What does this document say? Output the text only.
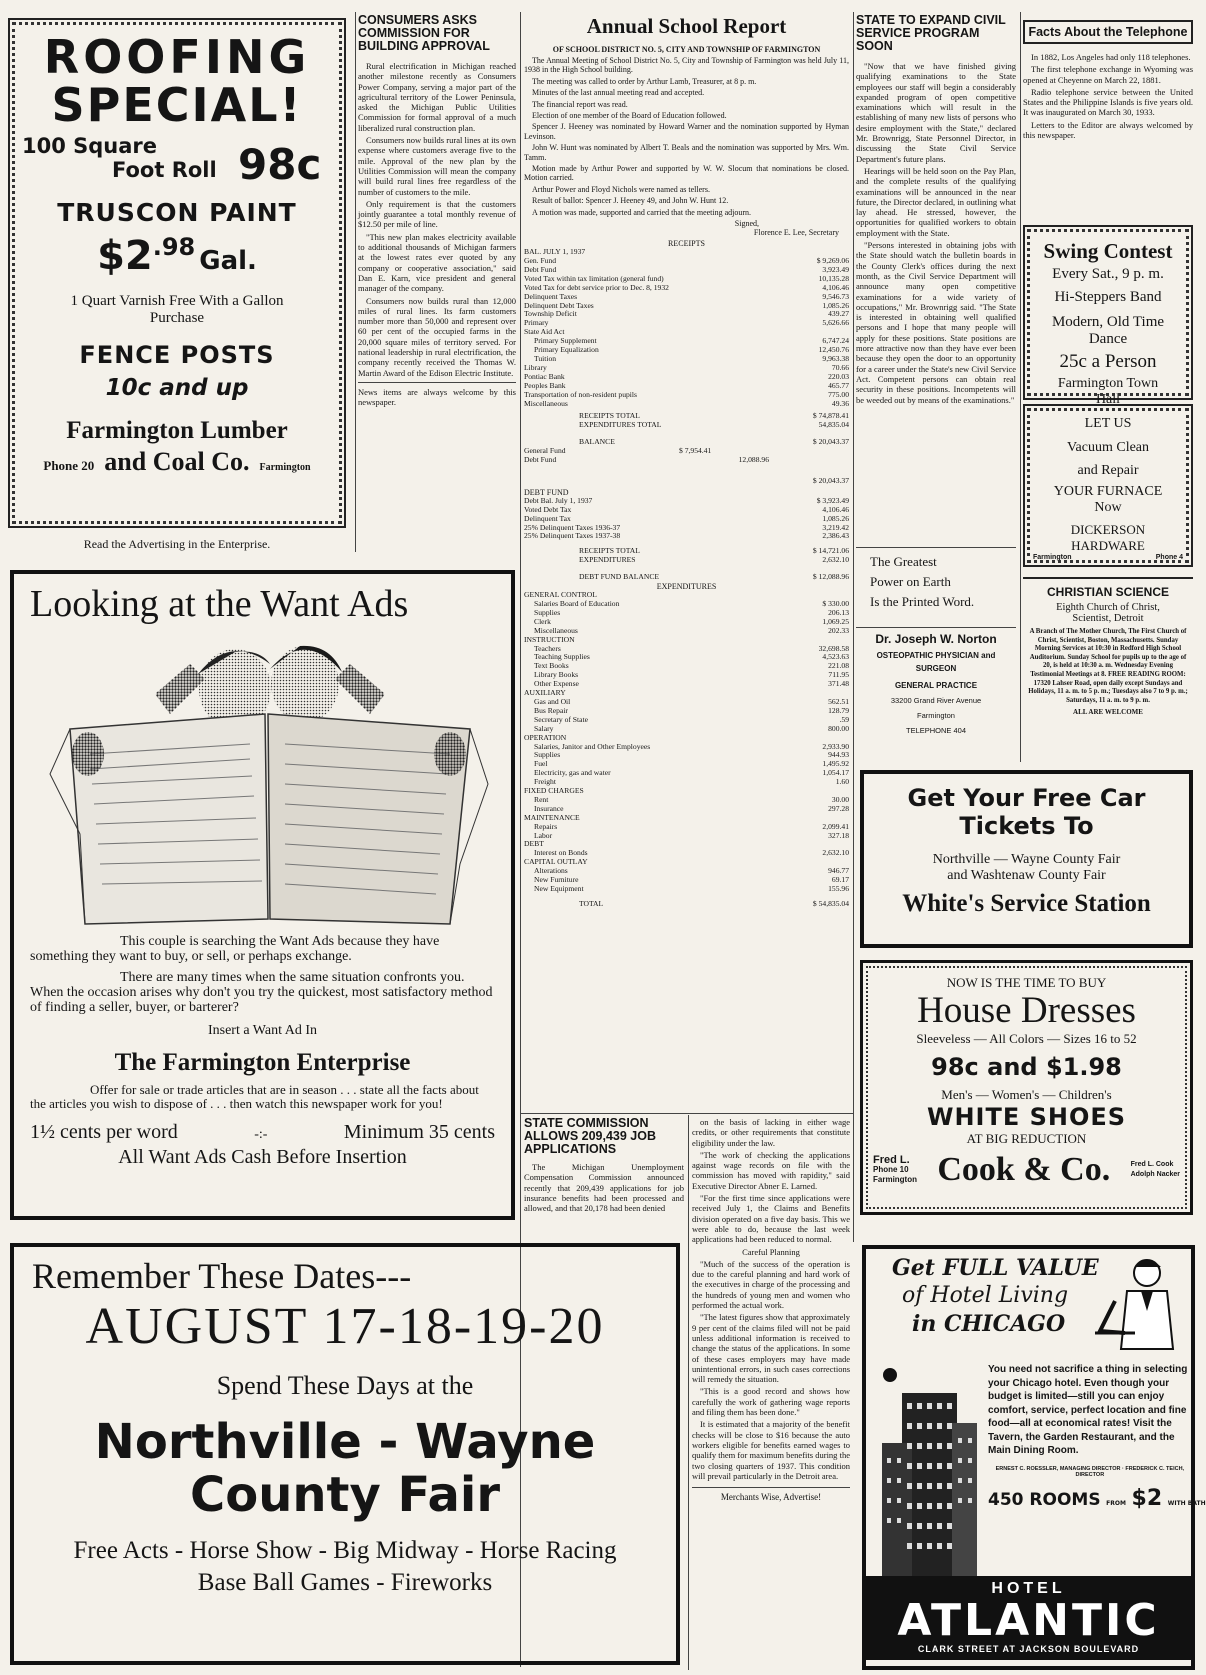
ROOFING
SPECIAL!
100 Square
Foot Roll 98c
TRUSCON PAINT
$2.98 Gal.
1 Quart Varnish Free With a Gallon
Purchase
FENCE POSTS
10c and up
Farmington Lumber
Phone 20 and Coal Co. Farmington
Read the Advertising in the Enterprise.
CONSUMERS ASKS COMMISSION FOR BUILDING APPROVAL

Rural electrification in Michigan reached another milestone recently as Consumers Power Company, serving a major part of the agricultural territory of the Lower Peninsula, asked the Michigan Public Utilities Commission for formal approval of a much liberalized rural construction plan.

Consumers now builds rural lines at its own expense where customers average five to the mile. Approval of the new plan by the Utilities Commission will mean the company will build rural lines free regardless of the number of customers to the mile.

Only requirement is that the customers jointly guarantee a total monthly revenue of $12.50 per mile of line.

"This new plan makes electricity available to additional thousands of Michigan farmers at the lowest rates ever quoted by any company or cooperative association," said Dan E. Karn, vice president and general manager of the company.

Consumers now builds rural than 12,000 miles of rural lines. Its farm customers number more than 50,000 and represent over 60 per cent of the occupied farms in the 20,000 square miles of territory served. For national leadership in rural electrification, the company recently received the Thomas W. Martin Award of the Edison Electric Institute.

News items are always welcome by this newspaper.
Annual School Report
OF SCHOOL DISTRICT NO. 5, CITY AND TOWNSHIP OF FARMINGTON

The Annual Meeting of School District No. 5, City and Township of Farmington was held July 11, 1938 in the High School building.

The meeting was called to order by Arthur Lamb, Treasurer, at 8 p. m.

Minutes of the last annual meeting read and accepted.

The financial report was read.

Election of one member of the Board of Education followed.

Spencer J. Heeney was nominated by Howard Warner and the nomination supported by Hyman Levinson.

John W. Hunt was nominated by Albert T. Beals and the nomination was supported by Mrs. Wm. Tamm.

Motion made by Arthur Power and supported by W. W. Slocum that nominations be closed. Motion carried.

Arthur Power and Floyd Nichols were named as tellers.

Result of ballot: Spencer J. Heeney 49, and John W. Hunt 12.

A motion was made, supported and carried that the meeting adjourn.

Signed,
Florence E. Lee, Secretary
RECEIPTS
BAL. JULY 1, 1937	
Gen. Fund	$ 9,269.06
Debt Fund	3,923.49
Voted Tax within tax limitation (general fund)	10,135.28
Voted Tax for debt service prior to Dec. 8, 1932	4,106.46
Delinquent Taxes	9,546.73
Delinquent Debt Taxes	1,085.26
Township Deficit	439.27
Primary	5,626.66
State Aid Act	
Primary Supplement	6,747.24
Primary Equalization	12,450.76
Tuition	9,963.38
Library	70.66
Pontiac Bank	220.03
Peoples Bank	465.77
Transportation of non-resident pupils	775.00
Miscellaneous	49.36
RECEIPTS TOTAL	$ 74,878.41
EXPENDITURES TOTAL	54,835.04
BALANCE	$ 20,043.37
General Fund	$ 7,954.41
Debt Fund	12,088.96
	$ 20,043.37
DEBT FUND
Debt Bal. July 1, 1937	$ 3,923.49
Voted Debt Tax	4,106.46
Delinquent Tax	1,085.26
25% Delinquent Taxes 1936-37	3,219.42
25% Delinquent Taxes 1937-38	2,386.43
RECEIPTS TOTAL	$ 14,721.06
EXPENDITURES	2,632.10
DEBT FUND BALANCE	$ 12,088.96
EXPENDITURES
GENERAL CONTROL	
Salaries Board of Education	$ 330.00
Supplies	206.13
Clerk	1,069.25
Miscellaneous	202.33
INSTRUCTION	
Teachers	32,698.58
Teaching Supplies	4,523.63
Text Books	221.08
Library Books	711.95
Other Expense	371.48
AUXILIARY	
Gas and Oil	562.51
Bus Repair	128.79
Secretary of State	.59
Salary	800.00
OPERATION	
Salaries, Janitor and Other Employees	2,933.90
Supplies	944.93
Fuel	1,495.92
Electricity, gas and water	1,054.17
Freight	1.60
FIXED CHARGES	
Rent	30.00
Insurance	297.28
MAINTENANCE	
Repairs	2,099.41
Labor	327.18
DEBT	
Interest on Bonds	2,632.10
CAPITAL OUTLAY	
Alterations	946.77
New Furniture	69.17
New Equipment	155.96
TOTAL	$ 54,835.04
STATE TO EXPAND CIVIL SERVICE PROGRAM SOON

"Now that we have finished giving qualifying examinations to the State employees our staff will begin a considerably expanded program of open competitive examinations which will result in the establishing of many new lists of persons who desire employment with the State," declared Mr. Brownrigg, State Personnel Director, in discussing the State Civil Service Department's future plans.

Hearings will be held soon on the Pay Plan, and the complete results of the qualifying examinations will be announced in the near future, the Director declared, in outlining what lay ahead. He stressed, however, the opportunities for qualified workers to obtain employment with the State.

"Persons interested in obtaining jobs with the State should watch the bulletin boards in the County Clerk's offices during the next month, as the Civil Service Department will announce many open competitive examinations for a wide variety of occupations," Mr. Brownrigg said. "The State is interested in obtaining well qualified persons and I hope that many people will apply for these positions. State positions are more attractive now than they have ever been because they open the door to an opportunity for a career under the State's new Civil Service Act. Competent persons can obtain real security in these positions. Incompetents will be weeded out by means of the examinations."

The Greatest
Power on Earth
Is the Printed Word.
Dr. Joseph W. Norton
OSTEOPATHIC PHYSICIAN and
SURGEON
GENERAL PRACTICE
33200 Grand River Avenue
Farmington
TELEPHONE 404
Facts About the Telephone

In 1882, Los Angeles had only 118 telephones.

The first telephone exchange in Wyoming was opened at Cheyenne on March 22, 1881.

Radio telephone service between the United States and the Philippine Islands is five years old. It was inaugurated on March 30, 1933.

Letters to the Editor are always welcomed by this newspaper.

Swing Contest
Every Sat., 9 p. m.
Hi-Steppers Band
Modern, Old Time
Dance
25c a Person
Farmington Town
Hall
LET US
Vacuum Clean
and Repair
YOUR FURNACE
Now
DICKERSON
HARDWARE
Farmington	Phone 4
CHRISTIAN SCIENCE
Eighth Church of Christ,
Scientist, Detroit
A Branch of The Mother Church, The First Church of Christ, Scientist, Boston, Massachusetts. Sunday Morning Services at 10:30 in Redford High School Auditorium. Sunday School for pupils up to the age of 20, is held at 10:30 a. m. Wednesday Evening Testimonial Meetings at 8. FREE READING ROOM: 17320 Lahser Road, open daily except Sundays and Holidays, 11 a. m. to 5 p. m.; Tuesdays also 7 to 9 p. m.; Saturdays, 11 a. m. to 9 p. m.
ALL ARE WELCOME
Looking at the Want Ads
This couple is searching the Want Ads because they have something they want to buy, or sell, or perhaps exchange.
There are many times when the same situation confronts you. When the occasion arises why don't you try the quickest, most satisfactory method of finding a seller, buyer, or barterer?
Insert a Want Ad In
The Farmington Enterprise
Offer for sale or trade articles that are in season . . . state all the facts about the articles you wish to dispose of . . . then watch this newspaper work for you!
1½ cents per word	-:-	Minimum 35 cents
All Want Ads Cash Before Insertion
STATE COMMISSION ALLOWS 209,439 JOB APPLICATIONS

The Michigan Unemployment Compensation Commission announced recently that 209,439 applications for job insurance benefits had been processed and allowed, and that 20,178 had been denied

on the basis of lacking in either wage credits, or other requirements that constitute eligibility under the law.

"The work of checking the applications against wage records on file with the commission has moved with rapidity," said Executive Director Abner E. Larned.

"For the first time since applications were received July 1, the Claims and Benefits division operated on a five day basis. This we were able to do, because the last week applications had been reduced to normal.

Careful Planning

"Much of the success of the operation is due to the careful planning and hard work of the executives in charge of the processing and the hundreds of young men and women who performed the actual work.

"The latest figures show that approximately 9 per cent of the claims filed will not be paid unless additional information is received to change the status of the applications. In some of these cases employers may have made unintentional errors, in such cases corrections will remedy the situation.

"This is a good record and shows how carefully the work of gathering wage reports and filing them has been done."

It is estimated that a majority of the benefit checks will be close to $16 because the auto workers eligible for benefits earned wages to qualify them for maximum benefits during the two closing quarters of 1937. This condition will prevail particularly in the Detroit area.

Merchants Wise, Advertise!
Get Your Free Car
Tickets To
Northville — Wayne County Fair
and Washtenaw County Fair
White's Service Station
NOW IS THE TIME TO BUY
House Dresses
Sleeveless — All Colors — Sizes 16 to 52
98c and $1.98
Men's — Women's — Children's
WHITE SHOES
AT BIG REDUCTION
Fred L.
Phone 10
Farmington Cook & Co.	Fred L. Cook
Adolph Nacker
Remember These Dates---
AUGUST 17-18-19-20
Spend These Days at the
Northville - Wayne
County Fair
Free Acts - Horse Show - Big Midway - Horse Racing
Base Ball Games - Fireworks
Get FULL VALUE
of Hotel Living
in CHICAGO
You need not sacrifice a thing in selecting your Chicago hotel. Even though your budget is limited—still you can enjoy comfort, service, perfect location and fine food—all at economical rates! Visit the Tavern, the Garden Restaurant, and the Main Dining Room.
ERNEST C. ROESSLER, MANAGING DIRECTOR · FREDERICK C. TEICH, DIRECTOR
450 ROOMS FROM $2 WITH BATH
HOTEL
ATLANTIC
CLARK STREET AT JACKSON BOULEVARD
